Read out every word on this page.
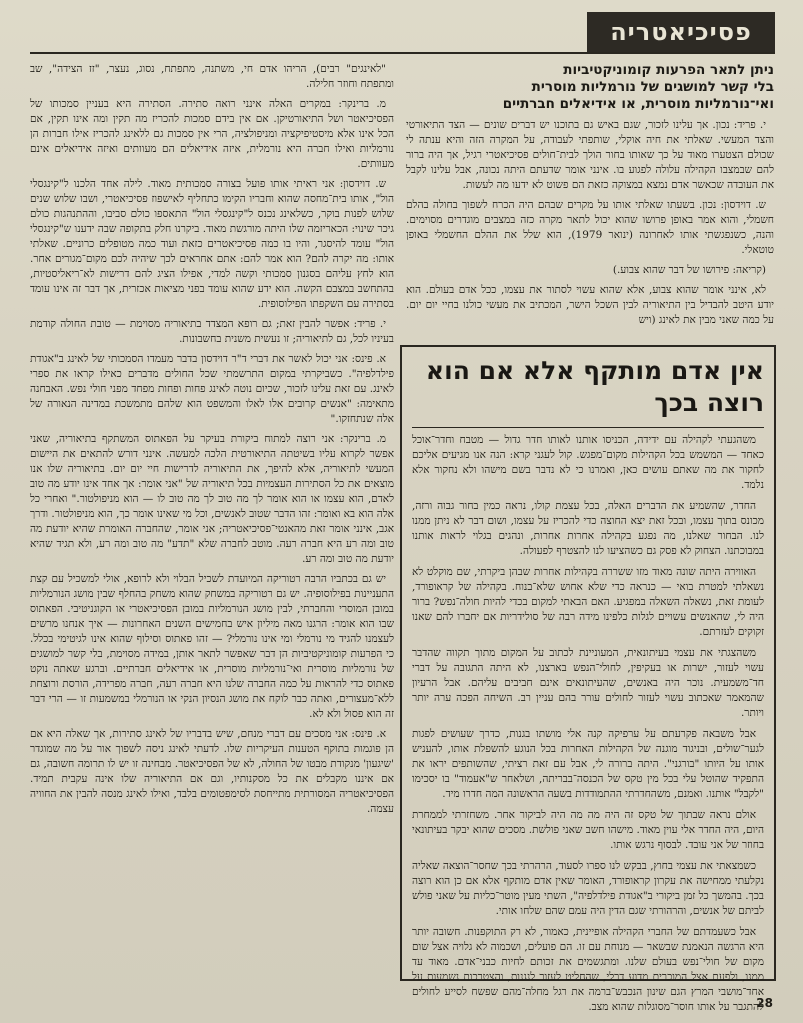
פסיכיאטריה
ניתן לתאר הפרעות קומוניקטיביות
בלי קשר למושגים של נורמליות מוסרית
ואי־נורמליות מוסרית, או אידיאלים חברתיים

י. פריד: נכון. אך עלינו לזכור, שגם באיש גם בתוכנו יש דברים שונים — הצד התיאורטי והצד המעשי. שאלתי את חיה אוקלי, שותפתי לעבודה, על המקרה הזה והיא ענתה לי שכולם הצטערו מאוד על כך שאותו בחור הולך לבית־חולים פסיכיאטרי רגיל, אך היה ברור להם שבמצבו הקהילה עלולה לפגוע בו. אינני אומר שדעתם היתה נכונה, אבל עלינו לקבל את העובדה שכאשר אדם נמצא במצוקה כזאת הם פשוט לא ידעו מה לעשות.

ש. דוידסון: נכון. בשעתו שאלתי אותו על מקרים שבהם היה הכרח לשפוך בחולה בהלם חשמלי, והוא אמר באופן פרושו שהוא יכול לתאר מקרה כזה במצבים מוגדרים מסוימים. והנה, כשנפגשתי אותו לאחרונה (ינואר 1979), הוא שלל את ההלם החשמלי באופן טוטאלי.

(קריאה: פירושו של דבר שהוא צבוע.)

לא, אינני אומר שהוא צבוע, אלא שהוא עשוי לסתור את עצמו, ככל אדם בעולם. הוא יודע היטב להבדיל בין התיאוריה לבין השכל הישר, המכתיב את מעשי כולנו בחיי יום יום. על כמה שאני מבין את לאינג (ויש

"לאינגים" רבים), הריהו אדם חי, משתנה, מתפתח, נסוג, נעצר, "זז הצידה", שב ומתפתח וחוזר חלילה.

מ. ברינקר: במקרים האלה אינני רואה סתירה. הסתירה היא בעניין סמכותו של הפסיכיאטר ושל התיאורטיקן. אם אין בידם סמכות להכריז מה תקין ומה אינו תקין, אם הכל אינו אלא מיסטיפיקציה ומניפולציה, הרי אין סמכות גם ללאינג להכריז אילו חברות הן נורמליות ואילו חברה היא נורמלית, איזה אידיאלים הם מעוותים ואיזה אידיאלים אינם מעוותים.

ש. דוידסון: אני ראיתי אותו פועל בצורה סמכותית מאוד. לילה אחד הלכנו ל"קינגסלי הול", אותו בית־מחסה שהוא וחבריו הקימו כתחליף לאישפוז פסיכיאטרי, ושבו שלוש שנים שלוש לפנות בוקר, כשלאינג נכנס ל"קינגסלי הול" התאספו כולם סביבו, וההתנהגות כולם גיכר שינוי: הכאריזמה שלו היתה מורגשת מאוד. ביקרנו חלק בתקופה שבה ידענו ש"קינגסלי הול" עומד להיסגר, והיו בו כמה פסיכיאטרים כזאת ועוד כמה מטופלים כרוניים. שאלתי אותו: מה יקרה להם? הוא אמר להם: אתם אחראים לכך שיהיה לכם מקום־מגורים אחר. הוא לחץ עליהם בסגנון סמכותי וקשה למדי, אפילו הציג להם דרישות לא־ריאליסטיות, בהתחשב במצבם הקשה. הוא ידע שהוא עומד בפני מציאות אכזרית, אך דבר זה אינו עומד בסתירה עם השקפתו הפילוסופית.

י. פריד: אפשר להבין זאת; גם רופא המצדד בתיאוריה מסוימת — טובת החולה קודמת בעיניו לכל, גם לתיאוריה; זו נעשית משנית בחשבונות.

א. פינס: אני יכול לאשר את דברי ד"ר דוידסון בדבר מעמדו הסמכותי של לאינג ב"אגודת פילדלפיה". כשביקרתי במקום התרשמתי שכל החולים מדברים כאילו קראו את ספרי לאינג. עם זאת עלינו לזכור, שכיום נוטה לאינג פחות ופחות מפחד מפני חולי נפש. האבחנה מתאימה: "אנשים קרובים אלו לאלו והמשפט הוא שלהם מתמשכת במדינה הנאורה של אלה שנתחזקו."

מ. ברינקר: אני רוצה למתוח ביקורת בעיקר על הפאתוס המשתקף בתיאוריה, שאני אפשר לקרוא עליו בשיטתה התיאורטית הלכה למעשה. אינני דורש להתאים את היישום המעשי לתיאוריה, אלא להיפך, את התיאוריה לדרישות חיי יום יום. בתיאוריה שלו אנו מוצאים את כל הסתירות העצמיות בכל תיאוריה של "אני אומר: אך אחד אינו יודע מה טוב לאדם, הוא עצמו או הוא אומר לך מה טוב לך מה טוב לו — הוא מניפולטור." ואחרי כל אלה הוא בא ואומר: זהו הדבר שטוב לאנשים, וכל מי שאינו אומר כך, הוא מניפולטור. ודרך אגב, אינני אומר זאת מהאנטי־פסיכיאטריה; אני אומר, שהחברה האומרת שהיא יודעת מה טוב ומה רע היא חברה רעה. מוטב לחברה שלא "תדע" מה טוב ומה רע, ולא תגיד שהיא יודעת מה טוב ומה רע.

יש גם בכתביו הרבה רטוריקה המיועדת לשכיל הבלוי ולא לרופא, אולי למשכיל עם קצת התעניינות בפילוסופיה. יש גם רטוריקה במשחק שהוא משחק בהחלף שבין מושג הנורמליות במובן המוסרי והחברתי, לבין מושג הנורמליות במובן הפסיכיאטרי או הקוגניטיבי. הפאתוס שבו הוא אומר: הרגנו מאה מיליון איש בחמישים השנים האחרונות — איך אנחנו מרשים לעצמנו להגיד מי נורמלי ומי אינו נורמלי? — זהו פאתוס וסילוף שהוא אינו לגיטימי בכלל. כי הפרעות קומוניקטיביות הן דבר שאפשר לתאר אותן, במידה מסוימת, בלי קשר למושגים של נורמליות מוסרית ואי־נורמליות מוסרית, או אידיאלים חברתיים. וברגע שאתה נוקט פאתוס כדי להראות על כמה החברה שלנו היא חברה רעה, חברה מפרידה, הורסת ורוצחת ללא־מעצורים, ואתה כבר לוקח את מושג הנסיון הנקי או הנורמלי במשמעות זו — הרי דבר זה הוא פסול ולא לא.

א. פינס: אני מסכים עם דברי מנחם, שיש בדבריו של לאינג סתירות, אך שאלה היא אם הן פוגמות בתוקף הטענות העיקריות שלו. לדעתי לאינג ניסה לשפוך אור על מה שמוגדר 'שיגעון' מנקודת מבטו של החולה, לא של הפסיכיאטר. מבחינה זו יש לו תרומה חשובה, גם אם איננו מקבלים את כל מסקנותיו, וגם אם התיאוריה שלו אינה עקבית תמיד. הפסיכיאטריה המסורתית מתייחסת לסימפטומים בלבד, ואילו לאינג מנסה להבין את החוויה עצמה.

אין אדם מותקף אלא אם הוא רוצה בכך

משהגעתי לקהילה עם ידידה, הכניסו אותנו לאותו חדר גדול — מטבח וחדר־אוכל כאחד — המשמש בכל הקהילות מקום־מפגש. קול לעגני קרא: הנה אנו מגיעים אליכם לחקור את מה שאתם עושים כאן, ואמרנו כי לא נדבר בשם מישהו ולא נחקור אלא נלמד.

החדר, שהשמיע את הדברים האלה, בכל עצמת קולו, נראה כמין בחור גבוה ורזה, מכונס בתוך עצמו, ובכל זאת יצא החוצה כדי להכריז על עצמו, ושום דבר לא ניתן ממנו לנו. הבחור שאלנו, מה נפגע בקהילה אחרות אחרות, ונהגים בגלוי לראות אותנו במבוכתנו. הצחוק לא פסק גם כשהציעו לנו להצטרף לפעולה.

האווירה היתה שונה מאוד מזו ששררה בקהילות אחרות שבהן ביקרתי, שם מוקלט לא נשאלתי למטרת בואי — כנראה כדי שלא אחוש שלא־בנוח. בקהילה של קראופורד, לעומת זאת, נשאלה השאלה במפגיע. האם הבאתי למקום בכדי להיות חולה־נפש? ברור היה לי, שהאנשים עשויים לגלות כלפינו מידה רבה של סולידריות אם יחברו להם שאנו זקוקים לעזרתם.

משהצגתי את עצמי בעיתונאית, המעוניינת לכתוב על המקום מתוך תקווה שהדבר עשוי לעזור, ישרות או בעקיפין, לחולי־הנפש בארצנו, לא היתה התגובה על דברי חד־משמעית. נוכר היה באנשים, שהעיתונאים אינם חביבים עליהם. אבל הרעיון שהמאמר שאכתוב עשוי לעזור לחולים עורר בהם עניין רב. השיחה הפכה ערה יותר ויותר.

אבל משבאה פקרעתם על ערפיקה קנה אלי מושתו בגנות, כדרך שעושים לפגות לגער־שולים, ובניגוד מוגנה של הקהילות האחרות בכל הנוגע להשפלת אותו, להעניש אותו על היותו "בורגני". היתה ברורה לי, אבל עם זאת רציתי, שהשותפים יראו את התפקיד שהוטל עלי בכל מין טקס של הכנסה־בבריתה, ושלאחר ש"אעמוד" בו יסכימו "לקבל" אותנו. ואמנם, משהחדרתי ההתמודדות בשעה הראשונה המה חדרו מיד.

אולם נראה שבתוך של טקס זה היה מה מה היה לביקור אחר. משחזרתי לממחרת היום, היה החדר אלי עוין מאוד. מישהו חשב שאני פולשת. מסכים שהוא יבקר בעיתונאי בחוזר של אני עובד. לבסוף נרגש אותו.

כשמצאתי את עצמי בחוץ, בבקש לנו ספרו לסעוד, הרהרתי בכך שחסר־הוצאה שאליה נקלעתי ממחישה את עקרון קראופורד, האומר שאין אדם מותקף אלא אם כן הוא רוצה בכך. בהמשך כל זמן ביקורי ב"אגודת פילדלפיה", השתי מעין מוטר־כליות על שאני פולש לביתם של אנשים, והרהורתי שגם הדין היה עמם שהם שלחו אותי.

אבל כשעמדתם של החברי הקהילה אופיינית, כאמור, לא רק התוקפנות. חשובה יותר היא הרגשה הנאמנת שבשאר — מנוחת עם זו. הם פועלים, ושכמוה לא גלויה אצל שום מקום של חולי־נפש בעולם שלנו. ומתגשמים את זכותם לחיות כבני־אדם. מאוד עד ממנו, ולפעם אצל המוכרים מדוע דרלי, שהחליט לעזור לנגנות, והצטרכות נשמעות על אחד־מושבי המרץ הגם שינון הנכבש־ברמה את רגל מחלה־מהם שפשח לסייע לחולים להתגבר על אותו חוסר־מסוגלות שהוא מצב.

28
